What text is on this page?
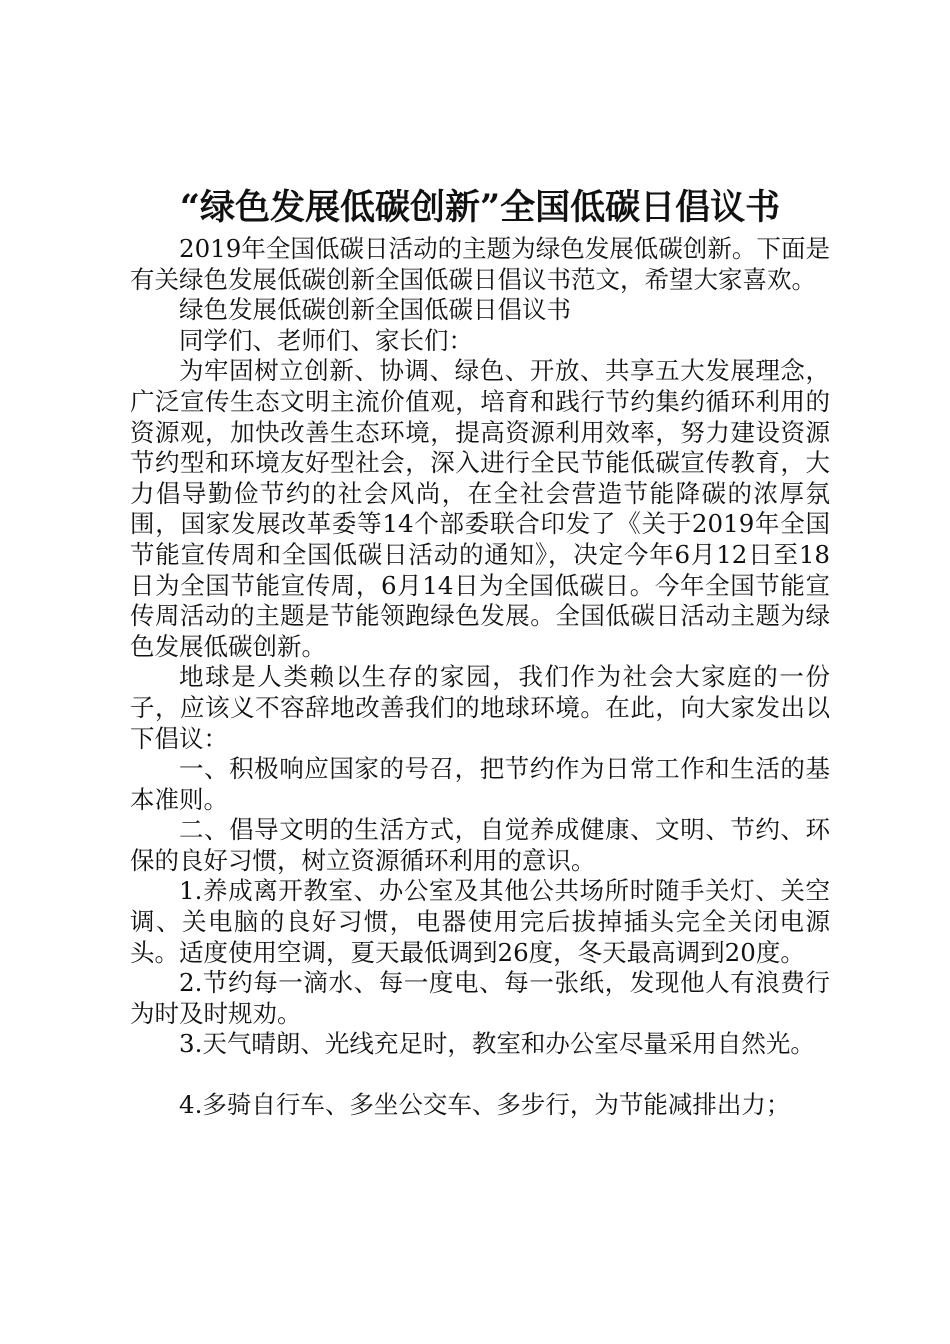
“绿色发展低碳创新”全国低碳日倡议书

2019年全国低碳日活动的主题为绿色发展低碳创新。下面是有关绿色发展低碳创新全国低碳日倡议书范文，希望大家喜欢。

绿色发展低碳创新全国低碳日倡议书

同学们、老师们、家长们：

为牢固树立创新、协调、绿色、开放、共享五大发展理念，广泛宣传生态文明主流价值观，培育和践行节约集约循环利用的资源观，加快改善生态环境，提高资源利用效率，努力建设资源节约型和环境友好型社会，深入进行全民节能低碳宣传教育，大力倡导勤俭节约的社会风尚，在全社会营造节能降碳的浓厚氛围，国家发展改革委等14个部委联合印发了《关于2019年全国节能宣传周和全国低碳日活动的通知》，决定今年6月12日至18日为全国节能宣传周，6月14日为全国低碳日。今年全国节能宣传周活动的主题是节能领跑绿色发展。全国低碳日活动主题为绿色发展低碳创新。

地球是人类赖以生存的家园，我们作为社会大家庭的一份子，应该义不容辞地改善我们的地球环境。在此，向大家发出以下倡议：

一、积极响应国家的号召，把节约作为日常工作和生活的基本准则。

二、倡导文明的生活方式，自觉养成健康、文明、节约、环保的良好习惯，树立资源循环利用的意识。

1.养成离开教室、办公室及其他公共场所时随手关灯、关空调、关电脑的良好习惯，电器使用完后拔掉插头完全关闭电源头。适度使用空调，夏天最低调到26度，冬天最高调到20度。

2.节约每一滴水、每一度电、每一张纸，发现他人有浪费行为时及时规劝。

3.天气晴朗、光线充足时，教室和办公室尽量采用自然光。

4.多骑自行车、多坐公交车、多步行，为节能减排出力；
